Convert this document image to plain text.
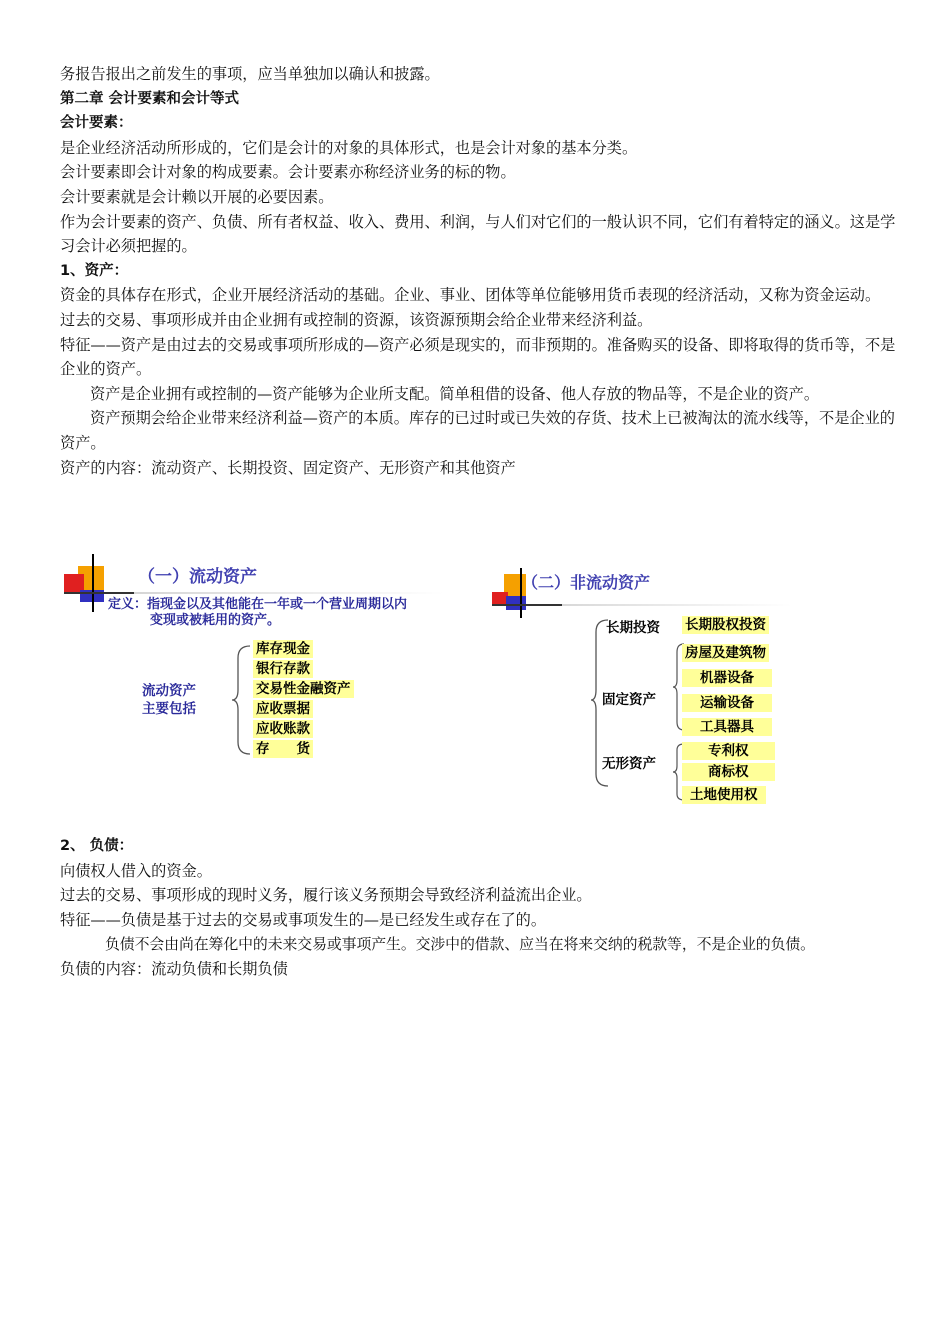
务报告报出之前发生的事项，应当单独加以确认和披露。

第二章 会计要素和会计等式

会计要素：

是企业经济活动所形成的，它们是会计的对象的具体形式，也是会计对象的基本分类。

会计要素即会计对象的构成要素。会计要素亦称经济业务的标的物。

会计要素就是会计赖以开展的必要因素。

作为会计要素的资产、负债、所有者权益、收入、费用、利润，与人们对它们的一般认识不同，它们有着特定的涵义。这是学习会计必须把握的。

1、资产：

资金的具体存在形式，企业开展经济活动的基础。企业、事业、团体等单位能够用货币表现的经济活动，又称为资金运动。

过去的交易、事项形成并由企业拥有或控制的资源，该资源预期会给企业带来经济利益。

特征——资产是由过去的交易或事项所形成的—资产必须是现实的，而非预期的。准备购买的设备、即将取得的货币等，不是企业的资产。

资产是企业拥有或控制的—资产能够为企业所支配。简单租借的设备、他人存放的物品等，不是企业的资产。

资产预期会给企业带来经济利益—资产的本质。库存的已过时或已失效的存货、技术上已被淘汰的流水线等，不是企业的资产。

资产的内容：流动资产、长期投资、固定资产、无形资产和其他资产

（一）流动资产
定义：指现金以及其他能在一年或一个营业周期以内
变现或被耗用的资产。
流动资产
主要包括
库存现金
银行存款
交易性金融资产
应收票据
应收账款
存　　货
（二）非流动资产
长期投资 长期股权投资
固定资产
房屋及建筑物
机器设备
运输设备
工具器具
无形资产
专利权
商标权
土地使用权

2、 负债：

向债权人借入的资金。

过去的交易、事项形成的现时义务，履行该义务预期会导致经济利益流出企业。

特征——负债是基于过去的交易或事项发生的—是已经发生或存在了的。

负债不会由尚在筹化中的未来交易或事项产生。交涉中的借款、应当在将来交纳的税款等，不是企业的负债。

负债的内容：流动负债和长期负债
